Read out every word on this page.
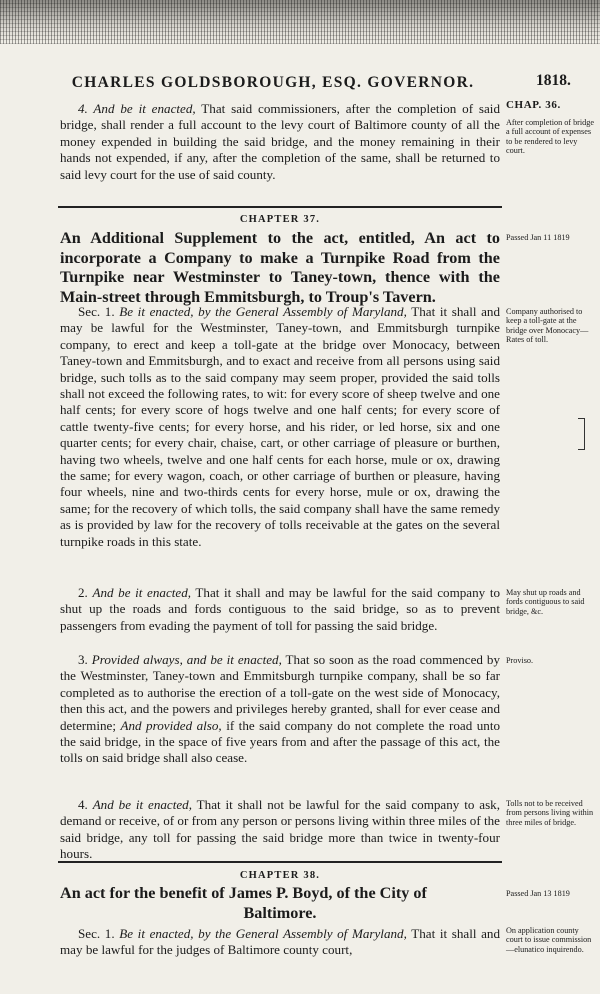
CHARLES GOLDSBOROUGH, ESQ. GOVERNOR.	1818.
CHAP. 36.
After completion of bridge a full account of expenses to be rendered to levy court.

4. And be it enacted, That said commissioners, after the completion of said bridge, shall render a full account to the levy court of Baltimore county of all the money expended in building the said bridge, and the money remaining in their hands not expended, if any, after the completion of the same, shall be returned to said levy court for the use of said county.

CHAPTER 37.
Passed Jan 11 1819

An Additional Supplement to the act, entitled, An act to incorporate a Company to make a Turnpike Road from the Turnpike near Westminster to Taney-town, thence with the Main-street through Emmitsburgh, to Troup's Tavern.

Company authorised to keep a toll-gate at the bridge over Monocacy—Rates of toll.

Sec. 1. Be it enacted, by the General Assembly of Maryland, That it shall and may be lawful for the Westminster, Taney-town, and Emmitsburgh turnpike company, to erect and keep a toll-gate at the bridge over Monocacy, between Taney-town and Emmitsburgh, and to exact and receive from all persons using said bridge, such tolls as to the said company may seem proper, provided the said tolls shall not exceed the following rates, to wit: for every score of sheep twelve and one half cents; for every score of hogs twelve and one half cents; for every score of cattle twenty-five cents; for every horse, and his rider, or led horse, six and one quarter cents; for every chair, chaise, cart, or other carriage of pleasure or burthen, having two wheels, twelve and one half cents for each horse, mule or ox, drawing the same; for every wagon, coach, or other carriage of burthen or pleasure, having four wheels, nine and two-thirds cents for every horse, mule or ox, drawing the same; for the recovery of which tolls, the said company shall have the same remedy as is provided by law for the recovery of tolls receivable at the gates on the several turnpike roads in this state.

May shut up roads and fords contiguous to said bridge, &c.

2. And be it enacted, That it shall and may be lawful for the said company to shut up the roads and fords contiguous to the said bridge, so as to prevent passengers from evading the payment of toll for passing the said bridge.

Proviso.

3. Provided always, and be it enacted, That so soon as the road commenced by the Westminster, Taney-town and Emmitsburgh turnpike company, shall be so far completed as to authorise the erection of a toll-gate on the west side of Monocacy, then this act, and the powers and privileges hereby granted, shall for ever cease and determine; And provided also, if the said company do not complete the road unto the said bridge, in the space of five years from and after the passage of this act, the tolls on said bridge shall also cease.

Tolls not to be received from persons living within three miles of bridge.

4. And be it enacted, That it shall not be lawful for the said company to ask, demand or receive, of or from any person or persons living within three miles of the said bridge, any toll for passing the said bridge more than twice in twenty-four hours.

CHAPTER 38.
Passed Jan 13 1819

An act for the benefit of James P. Boyd, of the City of

Baltimore.

On application county court to issue commission—elunatico inquirendo.

Sec. 1. Be it enacted, by the General Assembly of Maryland, That it shall and may be lawful for the judges of Baltimore county court,
